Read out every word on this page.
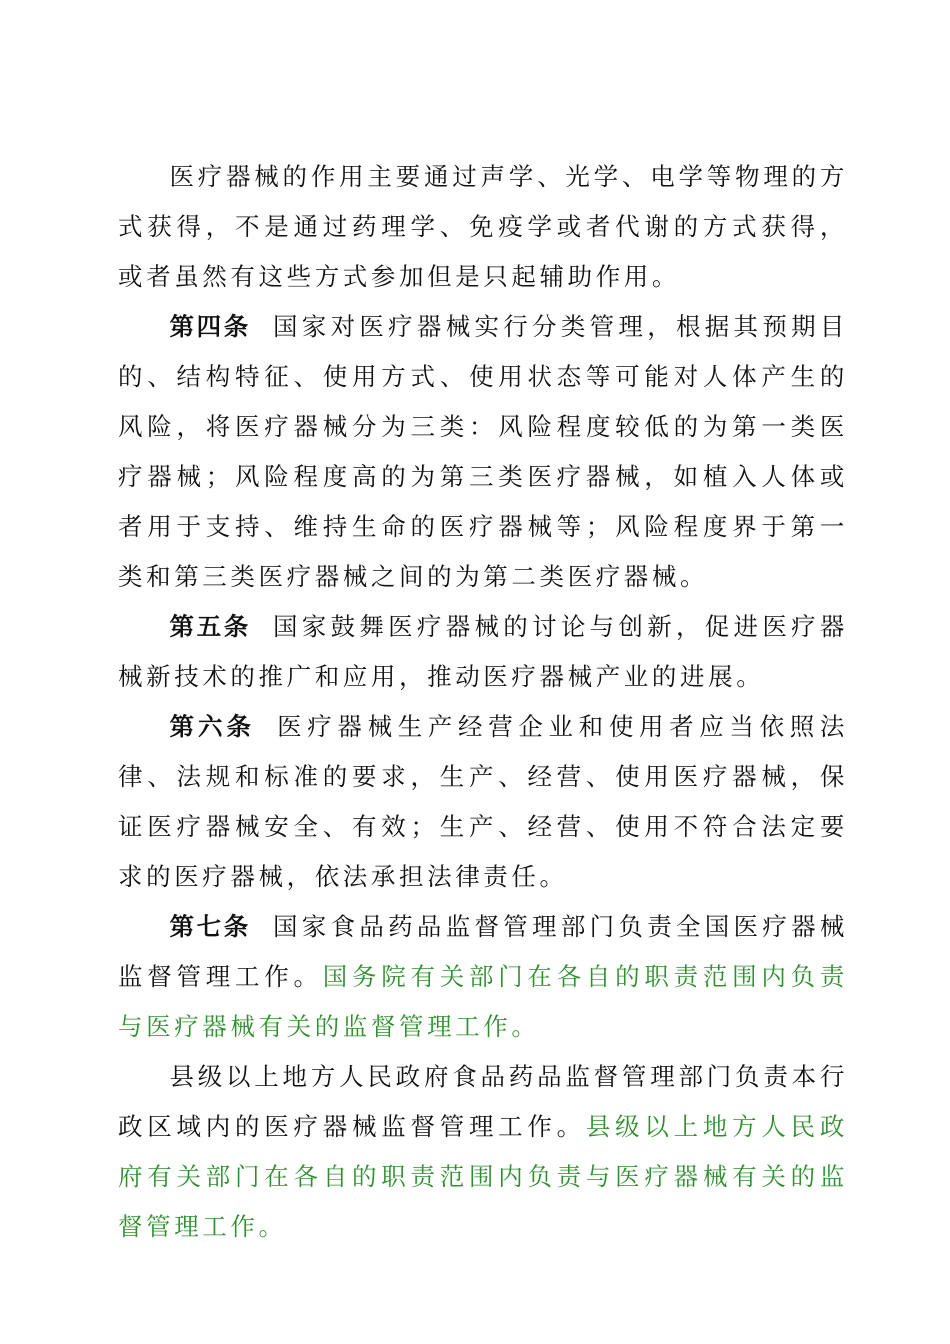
医疗器械的作用主要通过声学、光学、电学等物理的方式获得，不是通过药理学、免疫学或者代谢的方式获得，或者虽然有这些方式参加但是只起辅助作用。

第四条 国家对医疗器械实行分类管理，根据其预期目的、结构特征、使用方式、使用状态等可能对人体产生的风险，将医疗器械分为三类：风险程度较低的为第一类医疗器械；风险程度高的为第三类医疗器械，如植入人体或者用于支持、维持生命的医疗器械等；风险程度界于第一类和第三类医疗器械之间的为第二类医疗器械。

第五条 国家鼓舞医疗器械的讨论与创新，促进医疗器械新技术的推广和应用，推动医疗器械产业的进展。

第六条 医疗器械生产经营企业和使用者应当依照法律、法规和标准的要求，生产、经营、使用医疗器械，保证医疗器械安全、有效；生产、经营、使用不符合法定要求的医疗器械，依法承担法律责任。

第七条 国家食品药品监督管理部门负责全国医疗器械监督管理工作。国务院有关部门在各自的职责范围内负责与医疗器械有关的监督管理工作。

县级以上地方人民政府食品药品监督管理部门负责本行政区域内的医疗器械监督管理工作。县级以上地方人民政府有关部门在各自的职责范围内负责与医疗器械有关的监督管理工作。
